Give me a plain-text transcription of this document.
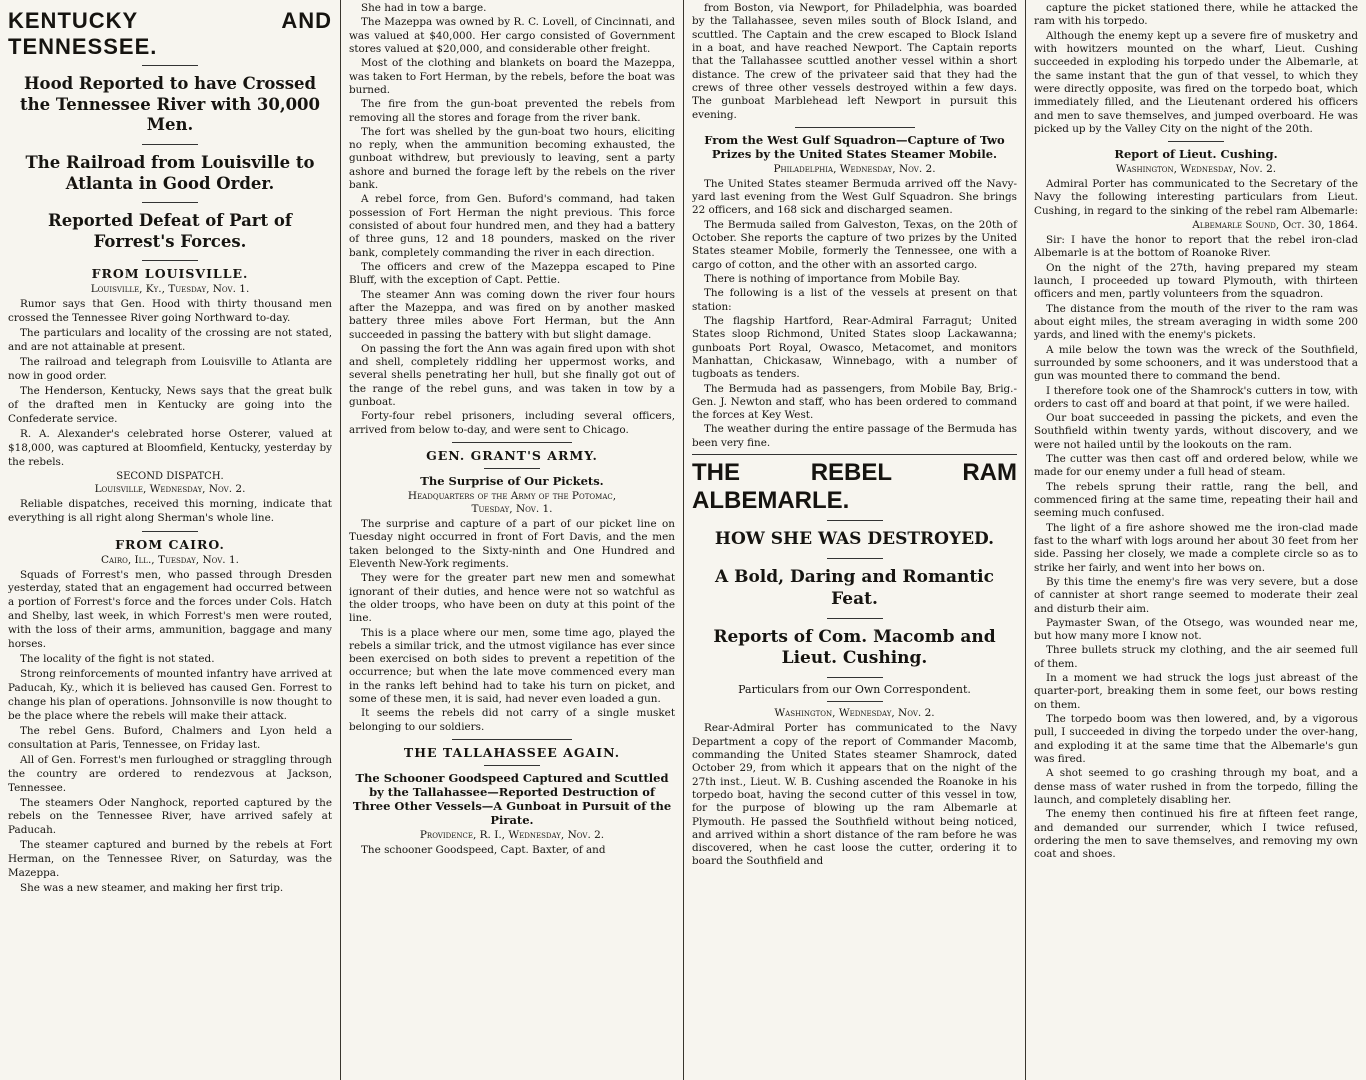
KENTUCKY AND TENNESSEE.
Hood Reported to have Crossed the Tennessee River with 30,000 Men.
The Railroad from Louisville to Atlanta in Good Order.
Reported Defeat of Part of Forrest's Forces.
FROM LOUISVILLE.
Louisville, Ky., Tuesday, Nov. 1.

Rumor says that Gen. Hood with thirty thousand men crossed the Tennessee River going Northward to-day.

The particulars and locality of the crossing are not stated, and are not attainable at present.

The railroad and telegraph from Louisville to Atlanta are now in good order.

The Henderson, Kentucky, News says that the great bulk of the drafted men in Kentucky are going into the Confederate service.

R. A. Alexander's celebrated horse Osterer, valued at $18,000, was captured at Bloomfield, Kentucky, yesterday by the rebels.

SECOND DISPATCH.
Louisville, Wednesday, Nov. 2.

Reliable dispatches, received this morning, indicate that everything is all right along Sherman's whole line.

FROM CAIRO.
Cairo, Ill., Tuesday, Nov. 1.

Squads of Forrest's men, who passed through Dresden yesterday, stated that an engagement had occurred between a portion of Forrest's force and the forces under Cols. Hatch and Shelby, last week, in which Forrest's men were routed, with the loss of their arms, ammunition, baggage and many horses.

The locality of the fight is not stated.

Strong reinforcements of mounted infantry have arrived at Paducah, Ky., which it is believed has caused Gen. Forrest to change his plan of operations. Johnsonville is now thought to be the place where the rebels will make their attack.

The rebel Gens. Buford, Chalmers and Lyon held a consultation at Paris, Tennessee, on Friday last.

All of Gen. Forrest's men furloughed or straggling through the country are ordered to rendezvous at Jackson, Tennessee.

The steamers Oder Nanghock, reported captured by the rebels on the Tennessee River, have arrived safely at Paducah.

The steamer captured and burned by the rebels at Fort Herman, on the Tennessee River, on Saturday, was the Mazeppa.

She was a new steamer, and making her first trip.

She had in tow a barge.

The Mazeppa was owned by R. C. Lovell, of Cincinnati, and was valued at $40,000. Her cargo consisted of Government stores valued at $20,000, and considerable other freight.

Most of the clothing and blankets on board the Mazeppa, was taken to Fort Herman, by the rebels, before the boat was burned.

The fire from the gun-boat prevented the rebels from removing all the stores and forage from the river bank.

The fort was shelled by the gun-boat two hours, eliciting no reply, when the ammunition becoming exhausted, the gunboat withdrew, but previously to leaving, sent a party ashore and burned the forage left by the rebels on the river bank.

A rebel force, from Gen. Buford's command, had taken possession of Fort Herman the night previous. This force consisted of about four hundred men, and they had a battery of three guns, 12 and 18 pounders, masked on the river bank, completely commanding the river in each direction.

The officers and crew of the Mazeppa escaped to Pine Bluff, with the exception of Capt. Pettie.

The steamer Ann was coming down the river four hours after the Mazeppa, and was fired on by another masked battery three miles above Fort Herman, but the Ann succeeded in passing the battery with but slight damage.

On passing the fort the Ann was again fired upon with shot and shell, completely riddling her uppermost works, and several shells penetrating her hull, but she finally got out of the range of the rebel guns, and was taken in tow by a gunboat.

Forty-four rebel prisoners, including several officers, arrived from below to-day, and were sent to Chicago.

GEN. GRANT'S ARMY.
The Surprise of Our Pickets.
Headquarters of the Army of the Potomac,
Tuesday, Nov. 1.

The surprise and capture of a part of our picket line on Tuesday night occurred in front of Fort Davis, and the men taken belonged to the Sixty-ninth and One Hundred and Eleventh New-York regiments.

They were for the greater part new men and somewhat ignorant of their duties, and hence were not so watchful as the older troops, who have been on duty at this point of the line.

This is a place where our men, some time ago, played the rebels a similar trick, and the utmost vigilance has ever since been exercised on both sides to prevent a repetition of the occurrence; but when the late move commenced every man in the ranks left behind had to take his turn on picket, and some of these men, it is said, had never even loaded a gun.

It seems the rebels did not carry of a single musket belonging to our soldiers.

THE TALLAHASSEE AGAIN.
The Schooner Goodspeed Captured and Scuttled by the Tallahassee—Reported Destruction of Three Other Vessels—A Gunboat in Pursuit of the Pirate.
Providence, R. I., Wednesday, Nov. 2.

The schooner Goodspeed, Capt. Baxter, of and

from Boston, via Newport, for Philadelphia, was boarded by the Tallahassee, seven miles south of Block Island, and scuttled. The Captain and the crew escaped to Block Island in a boat, and have reached Newport. The Captain reports that the Tallahassee scuttled another vessel within a short distance. The crew of the privateer said that they had the crews of three other vessels destroyed within a few days. The gunboat Marblehead left Newport in pursuit this evening.

From the West Gulf Squadron—Capture of Two Prizes by the United States Steamer Mobile.
Philadelphia, Wednesday, Nov. 2.

The United States steamer Bermuda arrived off the Navy-yard last evening from the West Gulf Squadron. She brings 22 officers, and 168 sick and discharged seamen.

The Bermuda sailed from Galveston, Texas, on the 20th of October. She reports the capture of two prizes by the United States steamer Mobile, formerly the Tennessee, one with a cargo of cotton, and the other with an assorted cargo.

There is nothing of importance from Mobile Bay.

The following is a list of the vessels at present on that station:

The flagship Hartford, Rear-Admiral Farragut; United States sloop Richmond, United States sloop Lackawanna; gunboats Port Royal, Owasco, Metacomet, and monitors Manhattan, Chickasaw, Winnebago, with a number of tugboats as tenders.

The Bermuda had as passengers, from Mobile Bay, Brig.-Gen. J. Newton and staff, who has been ordered to command the forces at Key West.

The weather during the entire passage of the Bermuda has been very fine.

THE REBEL RAM ALBEMARLE.
HOW SHE WAS DESTROYED.
A Bold, Daring and Romantic Feat.
Reports of Com. Macomb and Lieut. Cushing.
Particulars from our Own Correspondent.
Washington, Wednesday, Nov. 2.

Rear-Admiral Porter has communicated to the Navy Department a copy of the report of Commander Macomb, commanding the United States steamer Shamrock, dated October 29, from which it appears that on the night of the 27th inst., Lieut. W. B. Cushing ascended the Roanoke in his torpedo boat, having the second cutter of this vessel in tow, for the purpose of blowing up the ram Albemarle at Plymouth. He passed the Southfield without being noticed, and arrived within a short distance of the ram before he was discovered, when he cast loose the cutter, ordering it to board the Southfield and

capture the picket stationed there, while he attacked the ram with his torpedo.

Although the enemy kept up a severe fire of musketry and with howitzers mounted on the wharf, Lieut. Cushing succeeded in exploding his torpedo under the Albemarle, at the same instant that the gun of that vessel, to which they were directly opposite, was fired on the torpedo boat, which immediately filled, and the Lieutenant ordered his officers and men to save themselves, and jumped overboard. He was picked up by the Valley City on the night of the 20th.

Report of Lieut. Cushing.
Washington, Wednesday, Nov. 2.

Admiral Porter has communicated to the Secretary of the Navy the following interesting particulars from Lieut. Cushing, in regard to the sinking of the rebel ram Albemarle:

Albemarle Sound, Oct. 30, 1864.

Sir: I have the honor to report that the rebel iron-clad Albemarle is at the bottom of Roanoke River.

On the night of the 27th, having prepared my steam launch, I proceeded up toward Plymouth, with thirteen officers and men, partly volunteers from the squadron.

The distance from the mouth of the river to the ram was about eight miles, the stream averaging in width some 200 yards, and lined with the enemy's pickets.

A mile below the town was the wreck of the Southfield, surrounded by some schooners, and it was understood that a gun was mounted there to command the bend.

I therefore took one of the Shamrock's cutters in tow, with orders to cast off and board at that point, if we were hailed.

Our boat succeeded in passing the pickets, and even the Southfield within twenty yards, without discovery, and we were not hailed until by the lookouts on the ram.

The cutter was then cast off and ordered below, while we made for our enemy under a full head of steam.

The rebels sprung their rattle, rang the bell, and commenced firing at the same time, repeating their hail and seeming much confused.

The light of a fire ashore showed me the iron-clad made fast to the wharf with logs around her about 30 feet from her side. Passing her closely, we made a complete circle so as to strike her fairly, and went into her bows on.

By this time the enemy's fire was very severe, but a dose of cannister at short range seemed to moderate their zeal and disturb their aim.

Paymaster Swan, of the Otsego, was wounded near me, but how many more I know not.

Three bullets struck my clothing, and the air seemed full of them.

In a moment we had struck the logs just abreast of the quarter-port, breaking them in some feet, our bows resting on them.

The torpedo boom was then lowered, and, by a vigorous pull, I succeeded in diving the torpedo under the over-hang, and exploding it at the same time that the Albemarle's gun was fired.

A shot seemed to go crashing through my boat, and a dense mass of water rushed in from the torpedo, filling the launch, and completely disabling her.

The enemy then continued his fire at fifteen feet range, and demanded our surrender, which I twice refused, ordering the men to save themselves, and removing my own coat and shoes.
